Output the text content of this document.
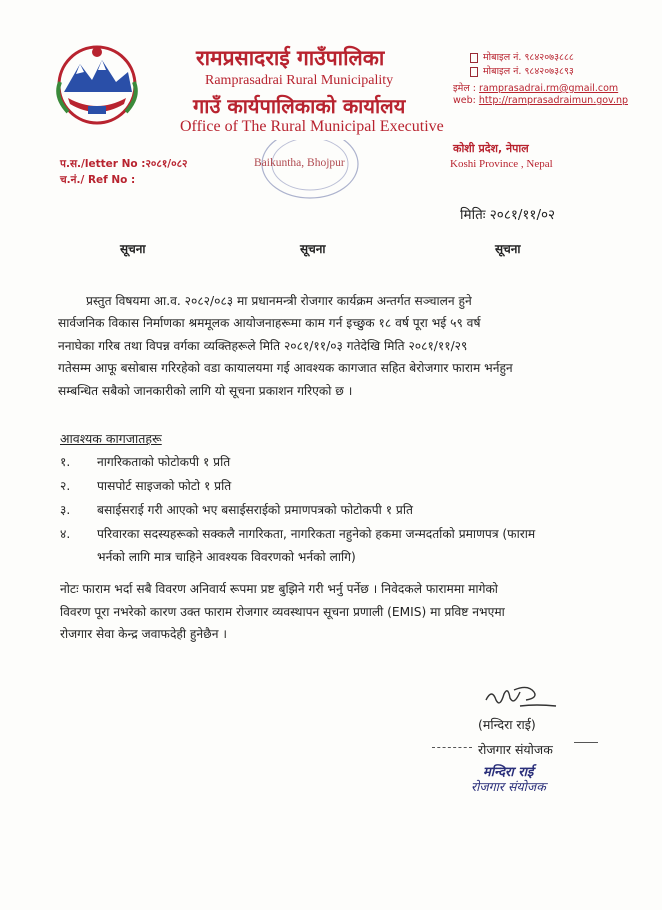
रामप्रसादराई गाउँपालिका
Ramprasadrai Rural Municipality
गाउँ कार्यपालिकाको कार्यालय
Office of The Rural Municipal Executive
मोबाइल नं. ९८४२०७३८८८
मोबाइल नं. ९८४२०७३८९३
इमेल : ramprasadrai.rm@gmail.com
web: http://ramprasadraimun.gov.np
कोशी प्रदेश, नेपाल
Koshi Province , Nepal
Baikuntha, Bhojpur
प.स./letter No :२०८१/०८२
च.नं./ Ref No :
मितिः २०८१/११/०२
सूचना	सूचना	सूचना
प्रस्तुत विषयमा आ.व. २०८२/०८३ मा प्रधानमन्त्री रोजगार कार्यक्रम अन्तर्गत सञ्चालन हुने
सार्वजनिक विकास निर्माणका श्रममूलक आयोजनाहरूमा काम गर्न इच्छुक १८ वर्ष पूरा भई ५९ वर्ष
ननाघेका गरिब तथा विपन्न वर्गका व्यक्तिहरूले मिति २०८१/११/०३ गतेदेखि मिति २०८१/११/२९
गतेसम्म आफू बसोबास गरिरहेको वडा कायालयमा गई आवश्यक कागजात सहित बेरोजगार फाराम भर्नहुन
सम्बन्धित सबैको जानकारीको लागि यो सूचना प्रकाशन गरिएको छ ।
आवश्यक कागजातहरू
१. नागरिकताको फोटोकपी १ प्रति
२. पासपोर्ट साइजको फोटो १ प्रति
३. बसाईसराई गरी आएको भए बसाईसराईको प्रमाणपत्रको फोटोकपी १ प्रति
४. परिवारका सदस्यहरूको सक्कलै नागरिकता, नागरिकता नहुनेको हकमा जन्मदर्ताको प्रमाणपत्र (फाराम
भर्नको लागि मात्र चाहिने आवश्यक विवरणको भर्नको लागि)
नोटः फाराम भर्दा सबै विवरण अनिवार्य रूपमा प्रष्ट बुझिने गरी भर्नु पर्नेछ । निवेदकले फाराममा मागेको
विवरण पूरा नभरेको कारण उक्त फाराम रोजगार व्यवस्थापन सूचना प्रणाली (EMIS) मा प्रविष्ट नभएमा
रोजगार सेवा केन्द्र जवाफदेही हुनेछैन ।
(मन्दिरा राई)
रोजगार संयोजक
मन्दिरा राई
रोजगार संयोजक
